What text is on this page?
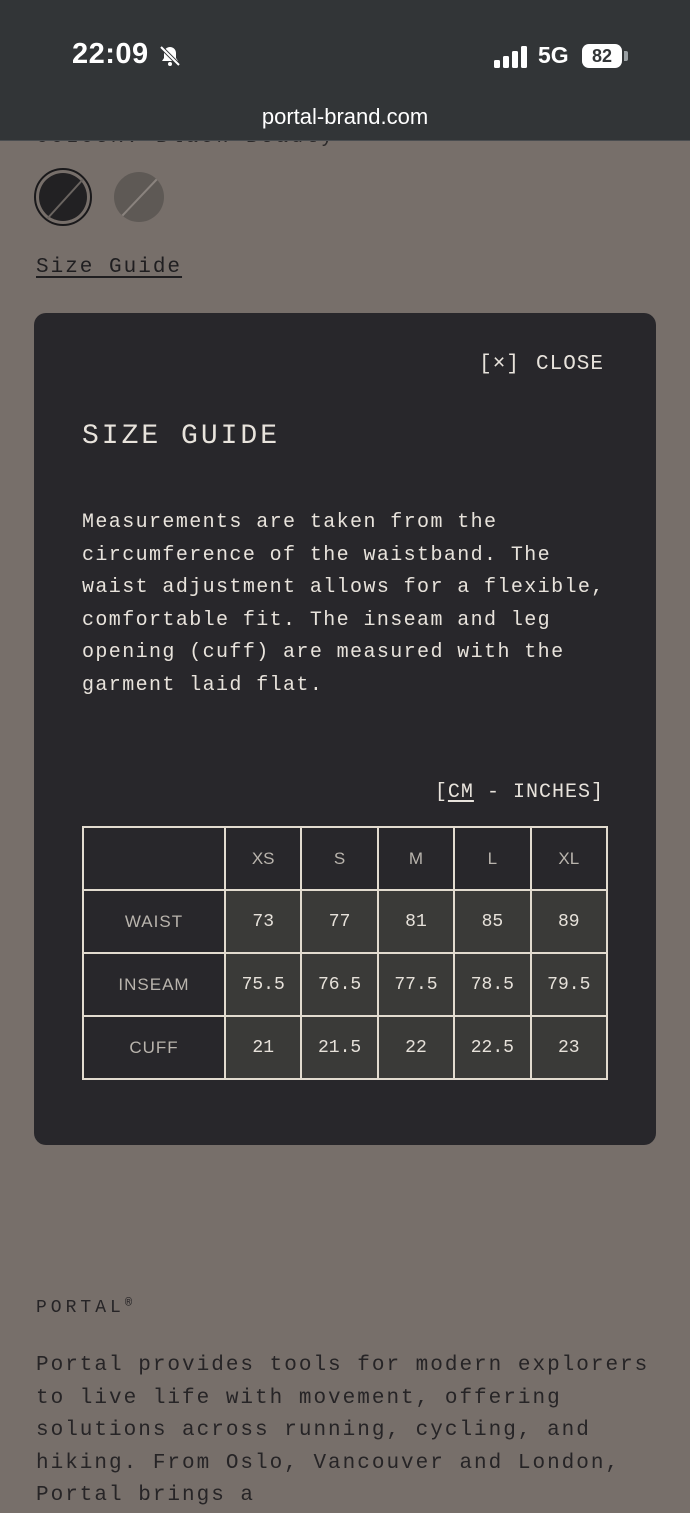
22:09	5G	82
portal-brand.com
Size Guide
[×] CLOSE
SIZE GUIDE
Measurements are taken from the circumference of the waistband. The waist adjustment allows for a flexible, comfortable fit. The inseam and leg opening (cuff) are measured with the garment laid flat.
[CM - INCHES]
	XS	S	M	L	XL
WAIST	73	77	81	85	89
INSEAM	75.5	76.5	77.5	78.5	79.5
CUFF	21	21.5	22	22.5	23
PORTAL®
Portal provides tools for modern explorers to live life with movement, offering solutions across running, cycling, and hiking. From Oslo, Vancouver and London, Portal brings a
